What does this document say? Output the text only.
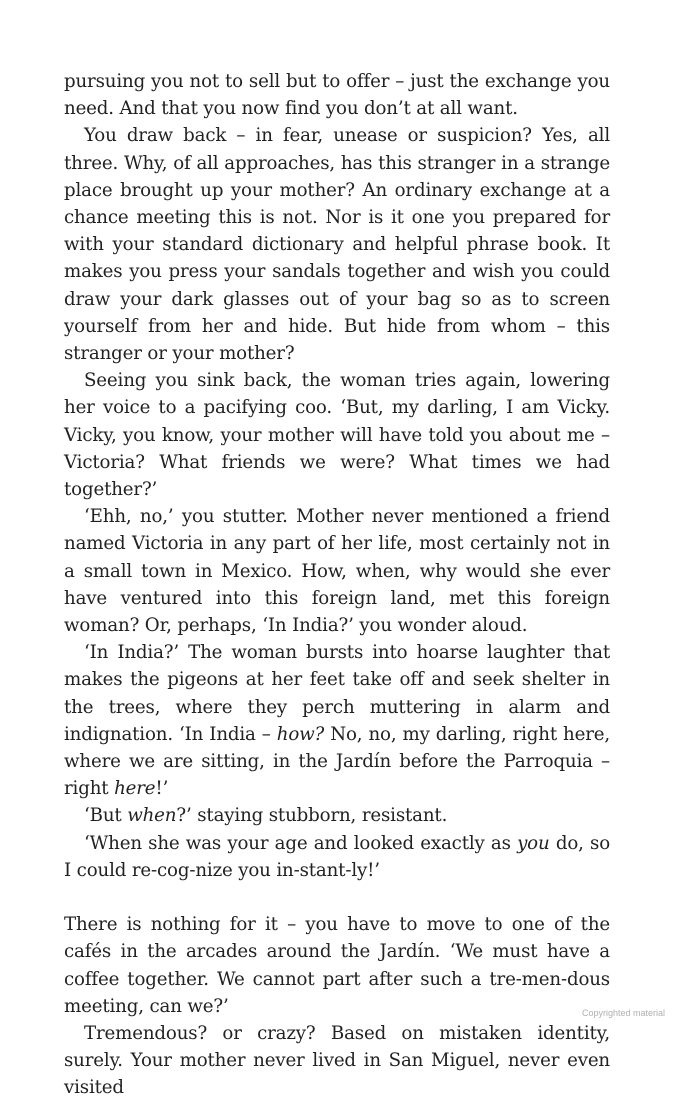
pursuing you not to sell but to offer – just the exchange you need. And that you now find you don’t at all want.

You draw back – in fear, unease or suspicion? Yes, all three. Why, of all approaches, has this stranger in a strange place brought up your mother? An ordinary exchange at a chance meeting this is not. Nor is it one you prepared for with your standard dictionary and helpful phrase book. It makes you press your sandals together and wish you could draw your dark glasses out of your bag so as to screen yourself from her and hide. But hide from whom – this stranger or your mother?

Seeing you sink back, the woman tries again, lowering her voice to a pacifying coo. ‘But, my darling, I am Vicky. Vicky, you know, your mother will have told you about me – Victoria? What friends we were? What times we had together?’

‘Ehh, no,’ you stutter. Mother never mentioned a friend named Victoria in any part of her life, most certainly not in a small town in Mexico. How, when, why would she ever have ventured into this foreign land, met this foreign woman? Or, perhaps, ‘In India?’ you wonder aloud.

‘In India?’ The woman bursts into hoarse laughter that makes the pigeons at her feet take off and seek shelter in the trees, where they perch muttering in alarm and indignation. ‘In India – how? No, no, my darling, right here, where we are sitting, in the Jardín before the Parroquia – right here!’

‘But when?’ staying stubborn, resistant.

‘When she was your age and looked exactly as you do, so I could re-cog-nize you in-stant-ly!’

There is nothing for it – you have to move to one of the cafés in the arcades around the Jardín. ‘We must have a coffee together. We cannot part after such a tre-men-dous meeting, can we?’

Tremendous? or crazy? Based on mistaken identity, surely. Your mother never lived in San Miguel, never even visited

Copyrighted material
